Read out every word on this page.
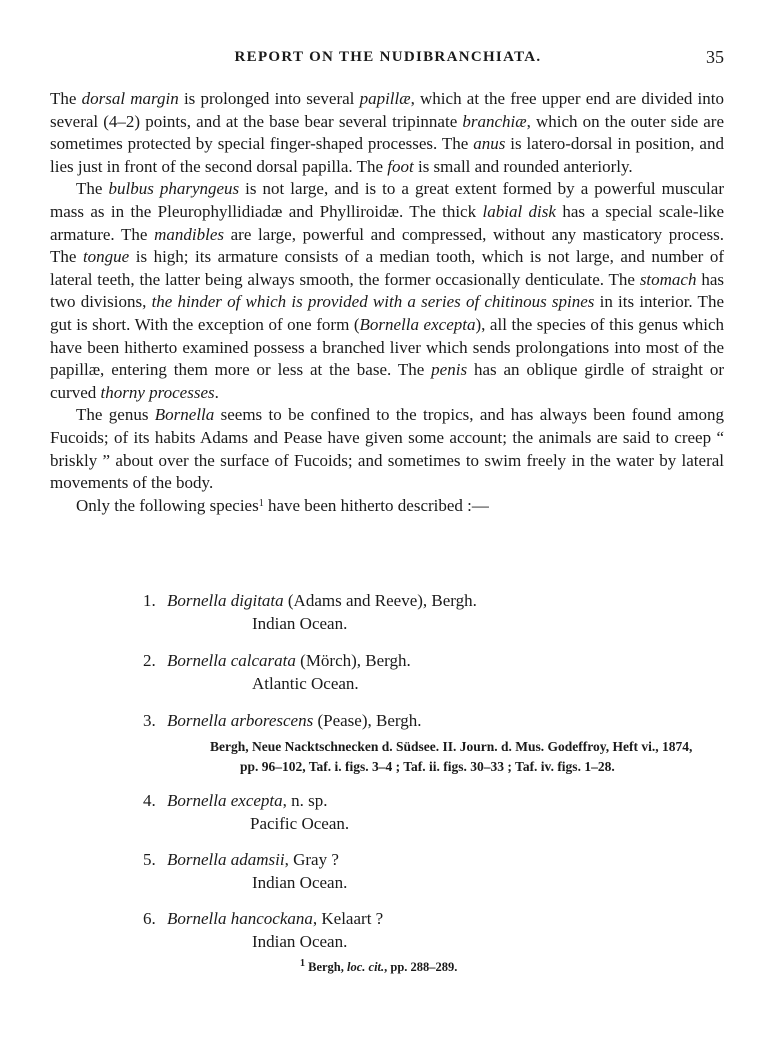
REPORT ON THE NUDIBRANCHIATA.	35

The dorsal margin is prolonged into several papillæ, which at the free upper end are divided into several (4–2) points, and at the base bear several tripinnate branchiæ, which on the outer side are sometimes protected by special finger-shaped processes. The anus is latero-dorsal in position, and lies just in front of the second dorsal papilla. The foot is small and rounded anteriorly.

The bulbus pharyngeus is not large, and is to a great extent formed by a powerful muscular mass as in the Pleurophyllidiadæ and Phylliroidæ. The thick labial disk has a special scale-like armature. The mandibles are large, powerful and compressed, without any masticatory process. The tongue is high; its armature consists of a median tooth, which is not large, and number of lateral teeth, the latter being always smooth, the former occasionally denticulate. The stomach has two divisions, the hinder of which is provided with a series of chitinous spines in its interior. The gut is short. With the exception of one form (Bornella excepta), all the species of this genus which have been hitherto examined possess a branched liver which sends prolongations into most of the papillæ, entering them more or less at the base. The penis has an oblique girdle of straight or curved thorny processes.

The genus Bornella seems to be confined to the tropics, and has always been found among Fucoids; of its habits Adams and Pease have given some account; the animals are said to creep “ briskly ” about over the surface of Fucoids; and sometimes to swim freely in the water by lateral movements of the body.

Only the following species$^1$ have been hitherto described :—

1. Bornella digitata (Adams and Reeve), Bergh.
Indian Ocean.
2. Bornella calcarata (Mörch), Bergh.
Atlantic Ocean.
3. Bornella arborescens (Pease), Bergh.
Bergh, Neue Nacktschnecken d. Südsee. II. Journ. d. Mus. Godeffroy, Heft vi., 1874,
pp. 96–102, Taf. i. figs. 3–4 ; Taf. ii. figs. 30–33 ; Taf. iv. figs. 1–28.
4. Bornella excepta, n. sp.
Pacific Ocean.
5. Bornella adamsii, Gray ?
Indian Ocean.
6. Bornella hancockana, Kelaart ?
Indian Ocean.
$^1$ Bergh, loc. cit., pp. 288–289.
